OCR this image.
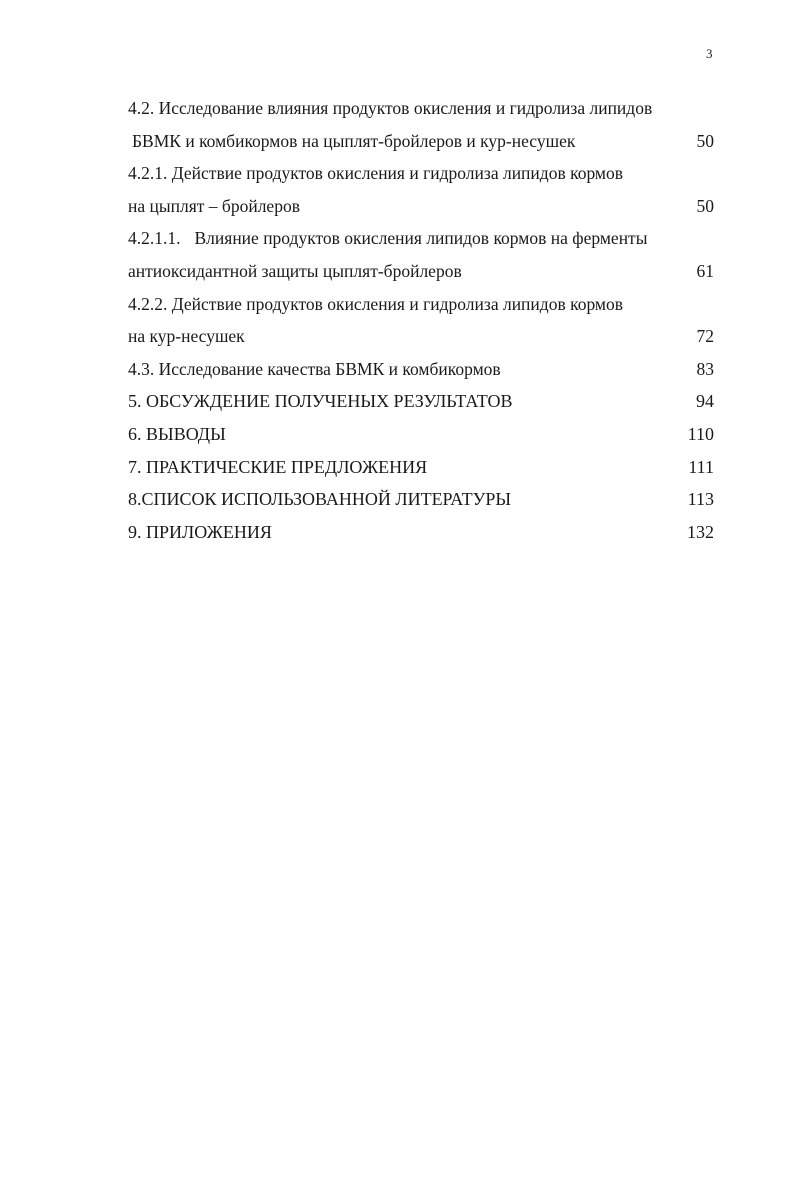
3
4.2. Исследование влияния продуктов окисления и гидролиза липидов
БВМК и комбикормов на цыплят-бройлеров и кур-несушек	50
4.2.1. Действие продуктов окисления и гидролиза липидов кормов
на цыплят – бройлеров	50
4.2.1.1. Влияние продуктов окисления липидов кормов на ферменты
антиоксидантной защиты цыплят-бройлеров	61
4.2.2. Действие продуктов окисления и гидролиза липидов кормов
на кур-несушек	72
4.3. Исследование качества БВМК и комбикормов	83
5. ОБСУЖДЕНИЕ ПОЛУЧЕНЫХ РЕЗУЛЬТАТОВ	94
6. ВЫВОДЫ	110
7. ПРАКТИЧЕСКИЕ ПРЕДЛОЖЕНИЯ	111
8.СПИСОК ИСПОЛЬЗОВАННОЙ ЛИТЕРАТУРЫ	113
9. ПРИЛОЖЕНИЯ	132
